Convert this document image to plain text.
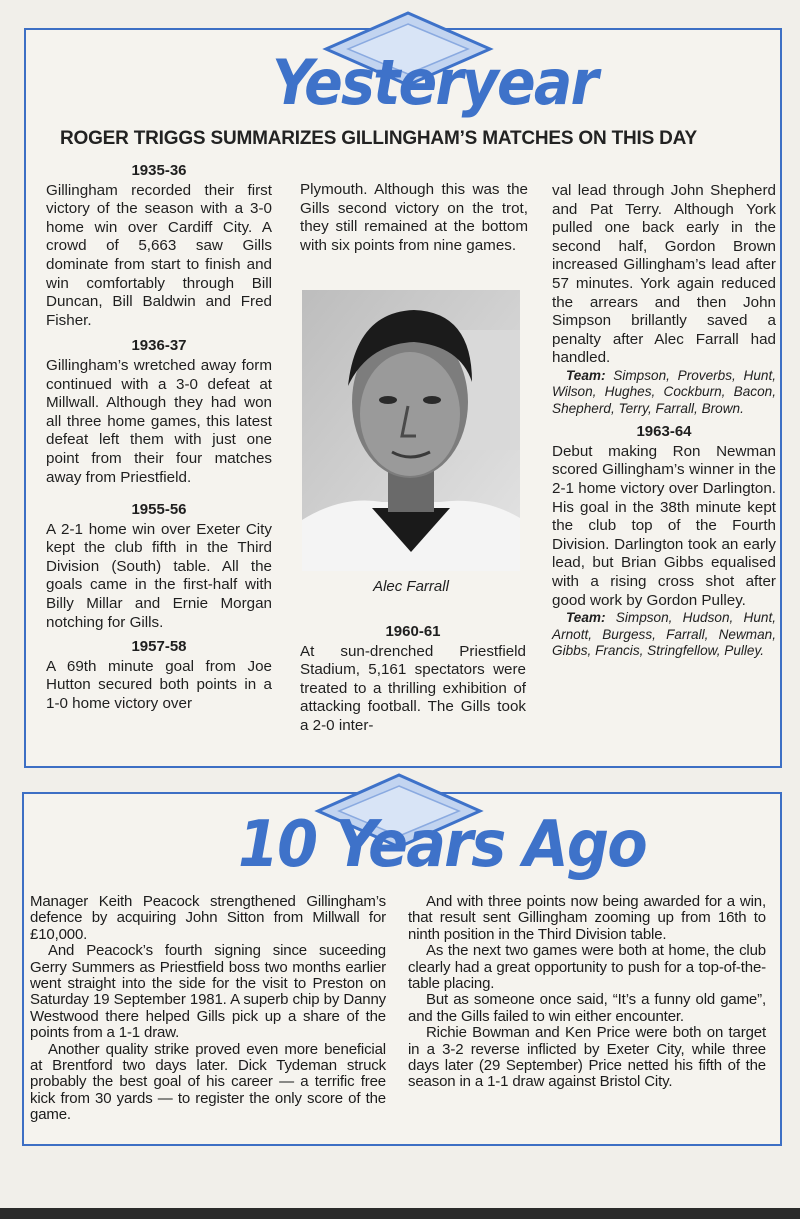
Yesteryear
ROGER TRIGGS SUMMARIZES GILLINGHAM’S MATCHES ON THIS DAY
1935-36

Gillingham recorded their first victory of the season with a 3-0 home win over Cardiff City. A crowd of 5,663 saw Gills dominate from start to finish and win comfortably through Bill Duncan, Bill Baldwin and Fred Fisher.

1936-37

Gillingham’s wretched away form continued with a 3-0 defeat at Millwall. Although they had won all three home games, this latest defeat left them with just one point from their four matches away from Priestfield.

1955-56

A 2-1 home win over Exeter City kept the club fifth in the Third Division (South) table. All the goals came in the first-half with Billy Millar and Ernie Morgan notching for Gills.

1957-58

A 69th minute goal from Joe Hutton secured both points in a 1-0 home victory over

Plymouth. Although this was the Gills second victory on the trot, they still remained at the bottom with six points from nine games.

Alec Farrall
1960-61

At sun-drenched Priestfield Stadium, 5,161 spectators were treated to a thrilling exhibition of attacking football. The Gills took a 2-0 inter-

val lead through John Shepherd and Pat Terry. Although York pulled one back early in the second half, Gordon Brown increased Gillingham’s lead after 57 minutes. York again reduced the arrears and then John Simpson brillantly saved a penalty after Alec Farrall had handled.

Team: Simpson, Proverbs, Hunt, Wilson, Hughes, Cockburn, Bacon, Shepherd, Terry, Farrall, Brown.

1963-64

Debut making Ron Newman scored Gillingham’s winner in the 2-1 home victory over Darlington. His goal in the 38th minute kept the club top of the Fourth Division. Darlington took an early lead, but Brian Gibbs equalised with a rising cross shot after good work by Gordon Pulley.

Team: Simpson, Hudson, Hunt, Arnott, Burgess, Farrall, Newman, Gibbs, Francis, Stringfellow, Pulley.

10 Years Ago

Manager Keith Peacock strengthened Gillingham’s defence by acquiring John Sitton from Millwall for £10,000.

And Peacock’s fourth signing since suceeding Gerry Summers as Priestfield boss two months earlier went straight into the side for the visit to Preston on Saturday 19 September 1981. A superb chip by Danny Westwood there helped Gills pick up a share of the points from a 1-1 draw.

Another quality strike proved even more beneficial at Brentford two days later. Dick Tydeman struck probably the best goal of his career — a terrific free kick from 30 yards — to register the only score of the game.

And with three points now being awarded for a win, that result sent Gillingham zooming up from 16th to ninth position in the Third Division table.

As the next two games were both at home, the club clearly had a great opportunity to push for a top-of-the-table placing.

But as someone once said, “It’s a funny old game”, and the Gills failed to win either encounter.

Richie Bowman and Ken Price were both on target in a 3-2 reverse inflicted by Exeter City, while three days later (29 September) Price netted his fifth of the season in a 1-1 draw against Bristol City.
